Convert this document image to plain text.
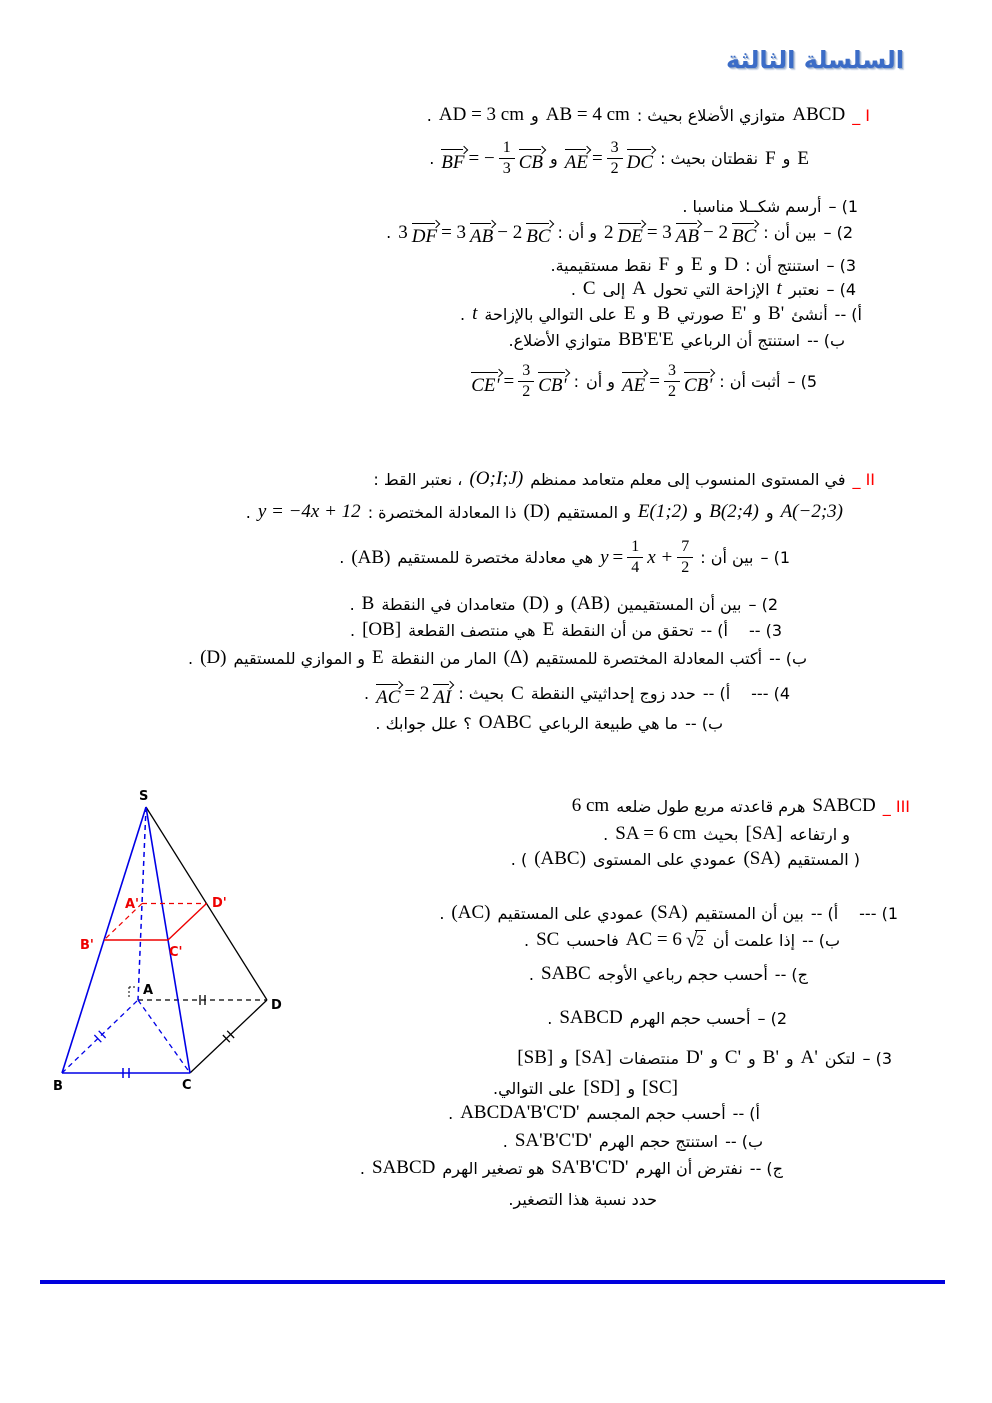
السلسلة الثالثة
I _
ABCD
متوازي الأضلاع بحيث :
AB = 4 cm
و
AD = 3 cm
.
E
و
F
نقطتان بحيث :
AE = $\frac{3}{2}$ DC
و
BF = − $\frac{1}{3}$ CB
.
1) –
أرسم شكــلا مناسبا .
2) –
بين أن :
2 DE = 3 AB − 2 BC
و أن :
3 DF = 3 AB − 2 BC
.
3) –
استنتج أن :
D
و
E
و
F
نقط مستقيمية.
4) –
نعتبر
t
الإزاحة التي تحول
A
إلى
C
.
أ) --
أنشئ
B'
و
E'
صورتي
B
و
E
على التوالي بالإزاحة
t
.
ب) --
استنتج أن الرباعي
BB'E'E
متوازي الأضلاع.
5) –
أثبت أن :
AE = $\frac{3}{2} CB'$
و أن
:
$CE' = \frac{3}{2} CB'$
II _
في المستوى المنسوب إلى معلم متعامد ممنظم
(O;I;J)
، نعتبر القط :
A(−2;3)
و
B(2;4)
و
E(1;2)
و المستقيم
(D)
ذا المعادلة المختصرة :
y = −4x + 12
.
1) –
بين أن :
$y = \frac{1}{4}$ $x + \frac{7}{2}$
هي معادلة مختصرة للمستقيم
(AB)
.
2) –
بين أن المستقيمين
(AB)
و
(D)
متعامدان في النقطة
B
.
3) --
أ) --
تحقق من أن النقطة
E
هي منتصف القطعة
[OB]
.
ب) --
أكتب المعادلة المختصرة للمستقيم
(Δ)
المار من النقطة
E
و الموازي للمستقيم
(D)
.
4) ---
أ) --
حدد زوج إحداثيتي النقطة
C
بحيث :
AC = 2 AI
.
ب) --
ما هي طبيعة الرباعي
OABC
؟ علل جوابك .
III _
SABCD
هرم قاعدته مربع طول ضلعه
6 cm
و ارتفاعه
[SA]
بحيث
SA = 6 cm
.
( المستقيم
(SA)
عمودي على المستوى
(ABC)
) .
1) ---
أ) --
بين أن المستقيم
(SA)
عمودي على المستقيم
(AC)
.
ب) --
إذا علمت أن
AC = 6 √ 2
فاحسب
SC
.
ج) --
أحسب حجم رباعي الأوجه
SABC
.
2) –
أحسب حجم الهرم
SABCD
.
3) –
لتكن
A'
و
B'
و
C'
و
D'
منتصفات
[SA]
و
[SB]
[SC]
و
[SD]
على التوالي.
أ) --
أحسب حجم المجسم
ABCDA'B'C'D'
.
ب) --
استنتج حجم الهرم
SA'B'C'D'
.
ج) --
نفترض أن الهرم
SA'B'C'D'
هو تصغير الهرم
SABCD
.
حدد نسبة هذا التصغير.
S
A
B	C
D
A'
B'	C'
D'
